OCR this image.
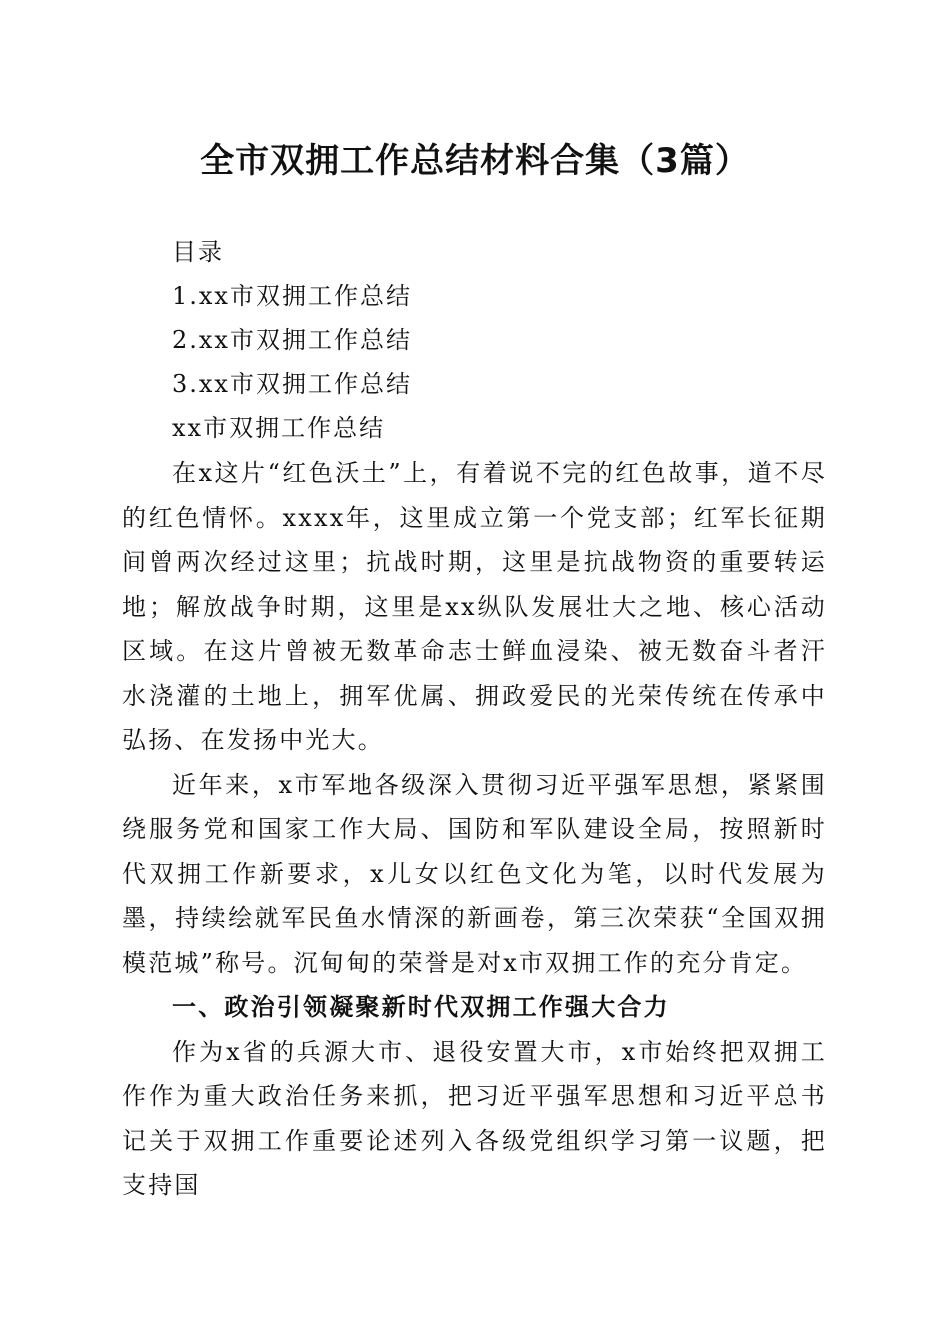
全市双拥工作总结材料合集（3篇）
目录
1.xx市双拥工作总结
2.xx市双拥工作总结
3.xx市双拥工作总结
xx市双拥工作总结

在x这片“红色沃土”上，有着说不完的红色故事，道不尽的红色情怀。xxxx年，这里成立第一个党支部；红军长征期间曾两次经过这里；抗战时期，这里是抗战物资的重要转运地；解放战争时期，这里是xx纵队发展壮大之地、核心活动区域。在这片曾被无数革命志士鲜血浸染、被无数奋斗者汗水浇灌的土地上，拥军优属、拥政爱民的光荣传统在传承中弘扬、在发扬中光大。

近年来，x市军地各级深入贯彻习近平强军思想，紧紧围绕服务党和国家工作大局、国防和军队建设全局，按照新时代双拥工作新要求，x儿女以红色文化为笔，以时代发展为墨，持续绘就军民鱼水情深的新画卷，第三次荣获“全国双拥模范城”称号。沉甸甸的荣誉是对x市双拥工作的充分肯定。

一、政治引领凝聚新时代双拥工作强大合力

作为x省的兵源大市、退役安置大市，x市始终把双拥工作作为重大政治任务来抓，把习近平强军思想和习近平总书记关于双拥工作重要论述列入各级党组织学习第一议题，把支持国
